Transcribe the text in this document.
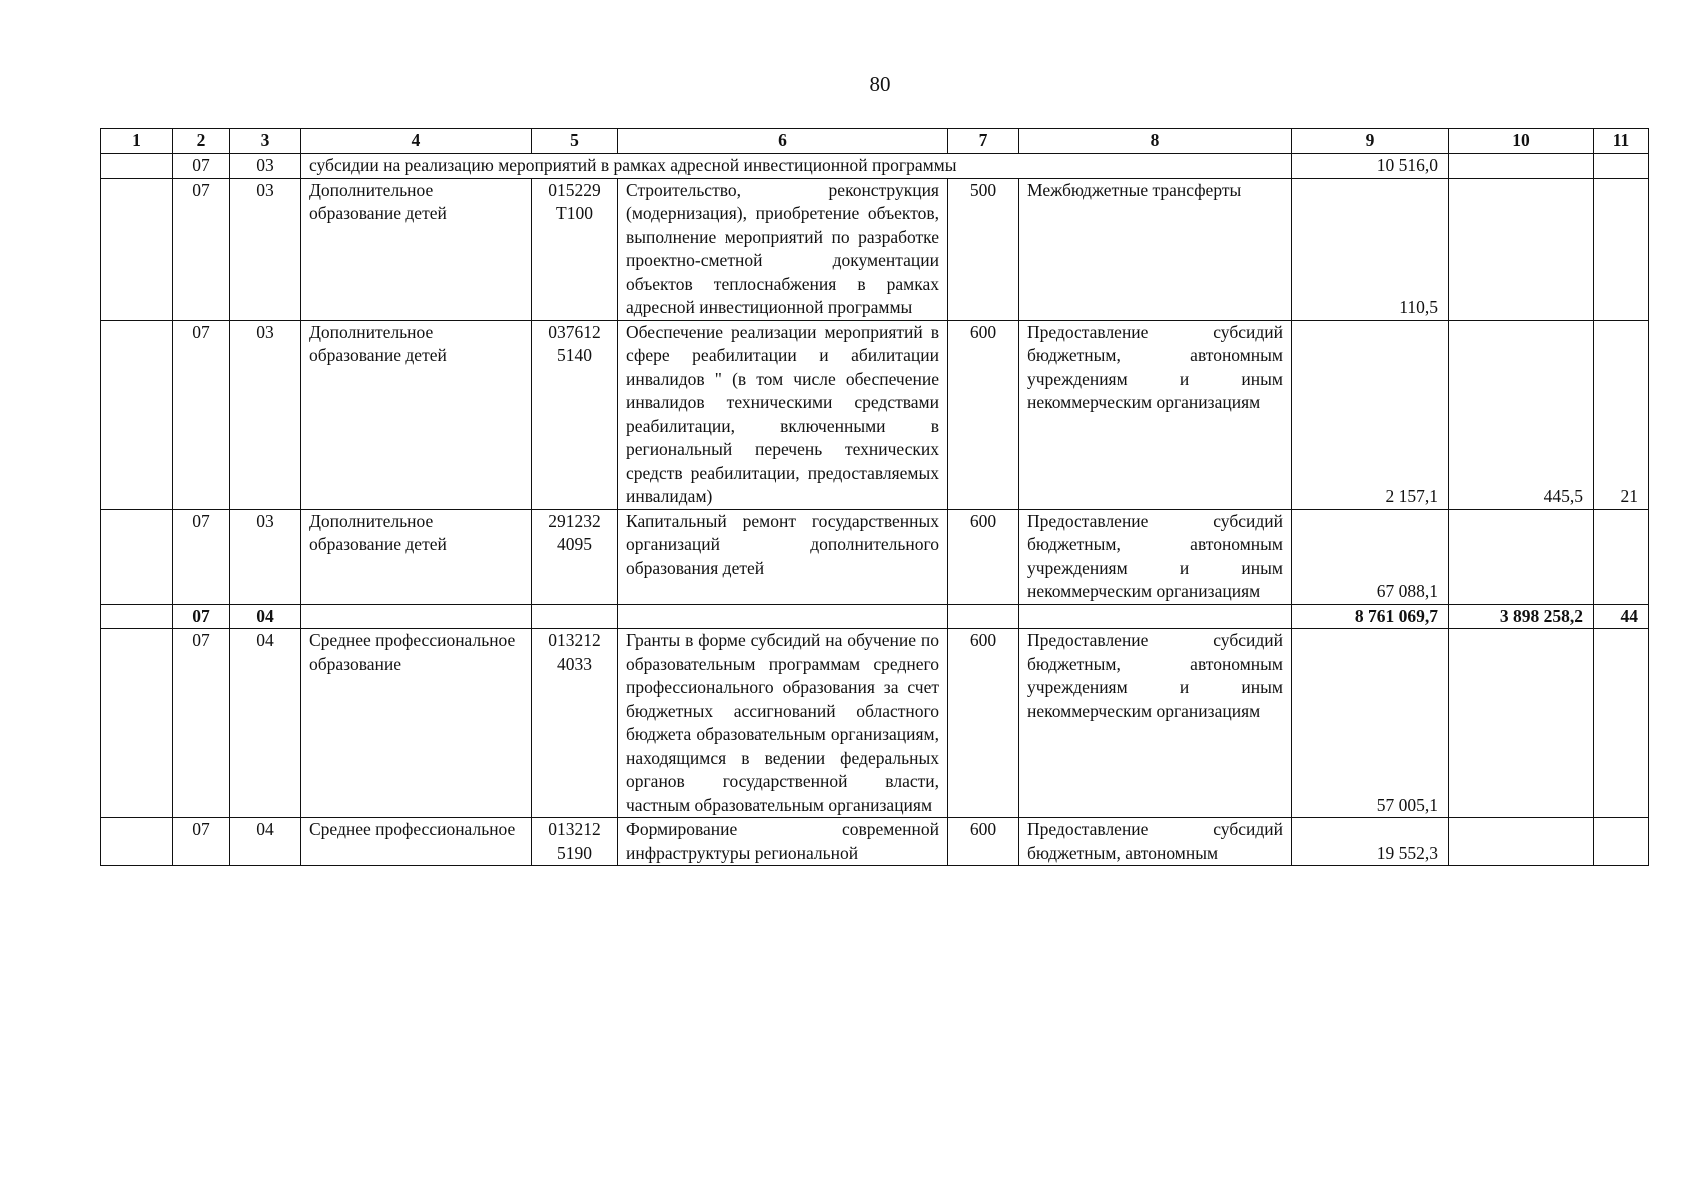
80
1	2	3	4	5	6	7	8	9	10	11
	07	03	субсидии на реализацию мероприятий в рамках адресной инвестиционной программы					10 516,0		
	07	03	Дополнительное образование детей	015229 T100	Строительство, реконструкция (модернизация), приобретение объектов, выполнение мероприятий по разработке проектно-сметной документации объектов теплоснабжения в рамках адресной инвестиционной программы	500	Межбюджетные трансферты	110,5		
	07	03	Дополнительное образование детей	037612 5140	Обеспечение реализации мероприятий в сфере реабилитации и абилитации инвалидов " (в том числе обеспечение инвалидов техническими средствами реабилитации, включенными в региональный перечень технических средств реабилитации, предоставляемых инвалидам)	600	Предоставление субсидий бюджетным, автономным учреждениям и иным некоммерческим организациям	2 157,1	445,5	21
	07	03	Дополнительное образование детей	291232 4095	Капитальный ремонт государственных организаций дополнительного образования детей	600	Предоставление субсидий бюджетным, автономным учреждениям и иным некоммерческим организациям	67 088,1		
	07	04						8 761 069,7	3 898 258,2	44
	07	04	Среднее профессиональное образование	013212 4033	Гранты в форме субсидий на обучение по образовательным программам среднего профессионального образования за счет бюджетных ассигнований областного бюджета образовательным организациям, находящимся в ведении федеральных органов государственной власти, частным образовательным организациям	600	Предоставление субсидий бюджетным, автономным учреждениям и иным некоммерческим организациям	57 005,1		
	07	04	Среднее профессиональное	013212 5190	Формирование современной инфраструктуры региональной	600	Предоставление субсидий бюджетным, автономным	19 552,3		
